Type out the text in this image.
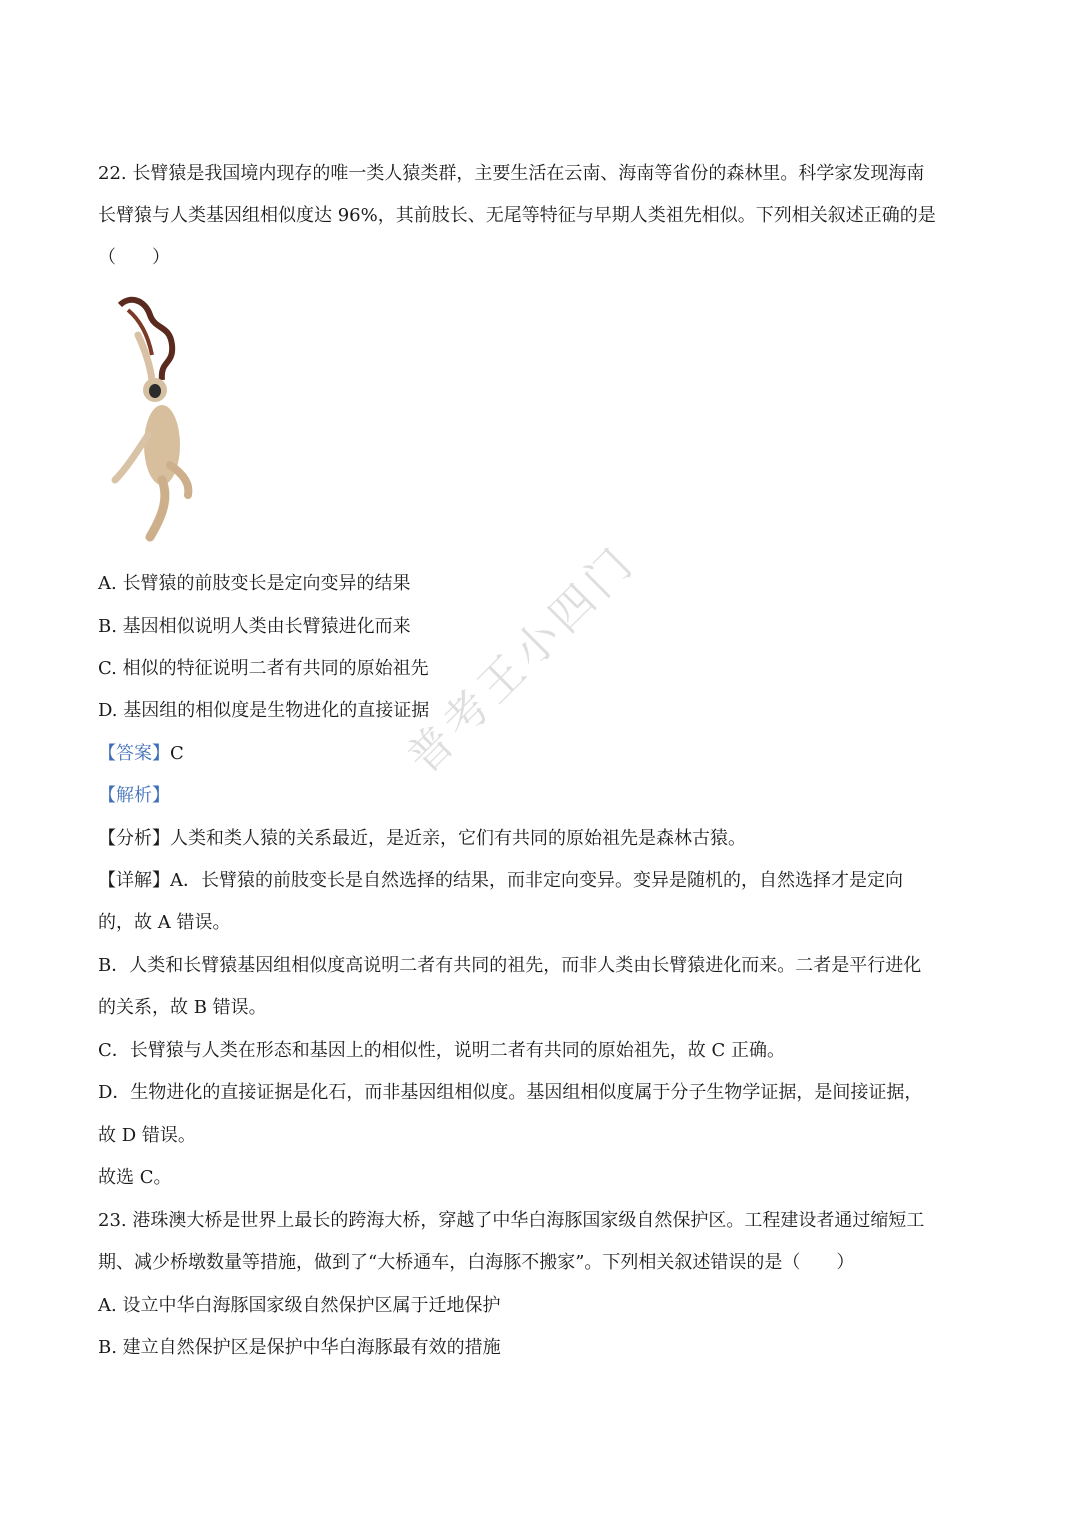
22. 长臂猿是我国境内现存的唯一类人猿类群，主要生活在云南、海南等省份的森林里。科学家发现海南
长臂猿与人类基因组相似度达 96%，其前肢长、无尾等特征与早期人类祖先相似。下列相关叙述正确的是
（　　）
A. 长臂猿的前肢变长是定向变异的结果
B. 基因相似说明人类由长臂猿进化而来
C. 相似的特征说明二者有共同的原始祖先
D. 基因组的相似度是生物进化的直接证据
【答案】C
【解析】
【分析】人类和类人猿的关系最近，是近亲，它们有共同的原始祖先是森林古猿。
【详解】A．长臂猿的前肢变长是自然选择的结果，而非定向变异。变异是随机的，自然选择才是定向
的，故 A 错误。
B．人类和长臂猿基因组相似度高说明二者有共同的祖先，而非人类由长臂猿进化而来。二者是平行进化
的关系，故 B 错误。
C．长臂猿与人类在形态和基因上的相似性，说明二者有共同的原始祖先，故 C 正确。
D．生物进化的直接证据是化石，而非基因组相似度。基因组相似度属于分子生物学证据，是间接证据，
故 D 错误。
故选 C。
23. 港珠澳大桥是世界上最长的跨海大桥，穿越了中华白海豚国家级自然保护区。工程建设者通过缩短工
期、减少桥墩数量等措施，做到了“大桥通车，白海豚不搬家”。下列相关叙述错误的是（　　）
A. 设立中华白海豚国家级自然保护区属于迁地保护
B. 建立自然保护区是保护中华白海豚最有效的措施
普考王小四门
